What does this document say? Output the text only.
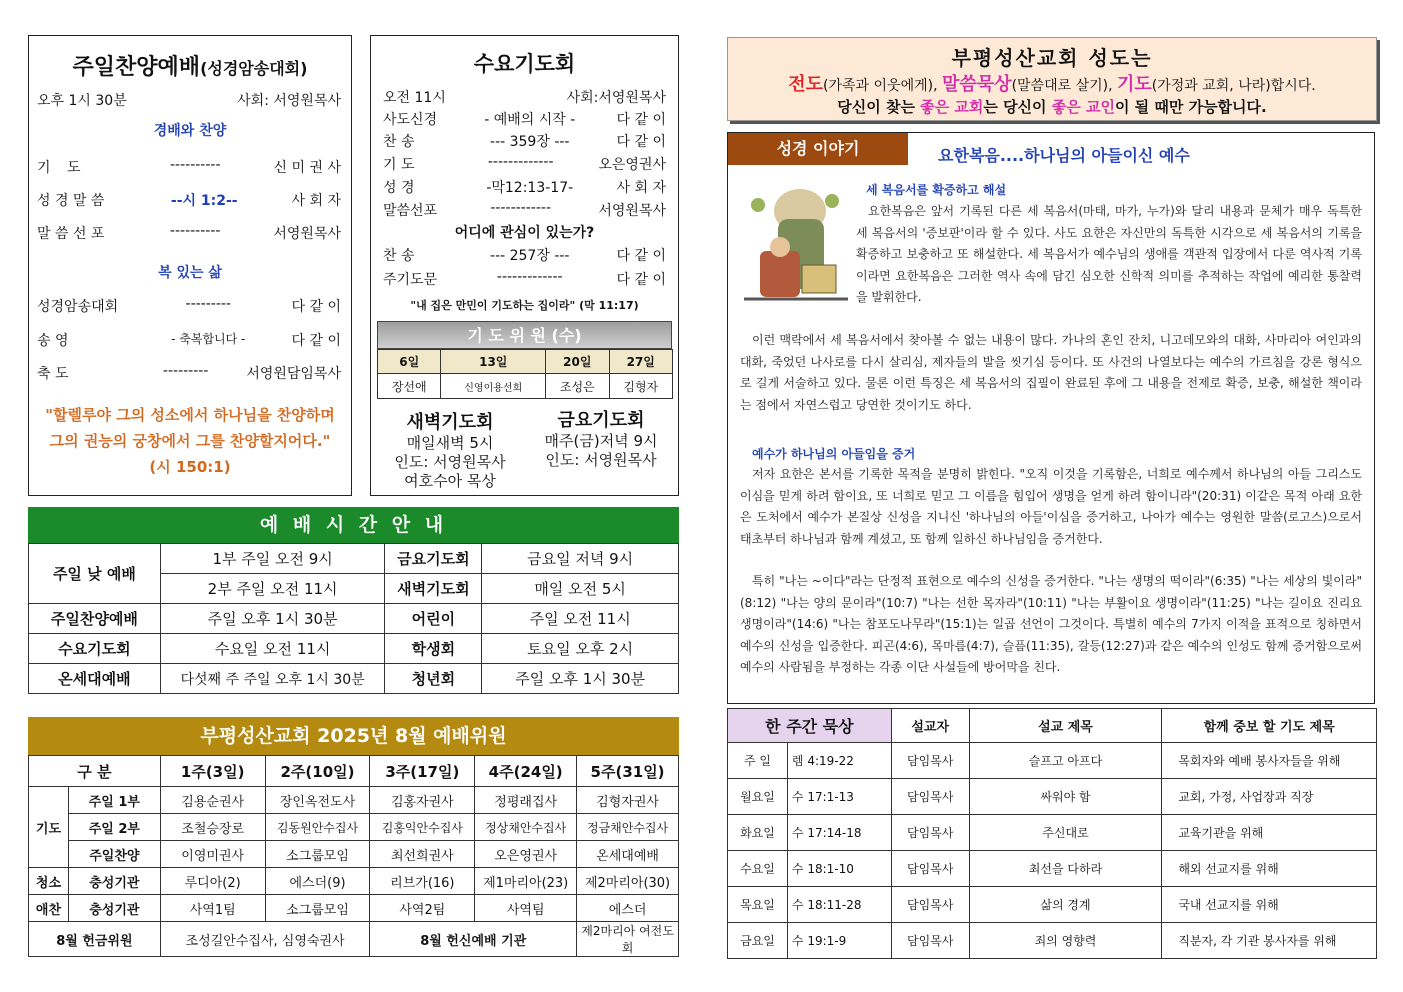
주일찬양예배(성경암송대회)
오후 1시 30분	사회: 서영원목사
경배와 찬양
기 도	----------	신 미 권 사
성 경 말 씀	--시 1:2--	사 회 자
말 씀 선 포	----------	서영원목사
복 있는 삶
성경암송대회	---------	다 같 이
송 영	- 축복합니다 -	다 같 이
축 도	---------	서영원담임목사
"할렐루야 그의 성소에서 하나님을 찬양하며 그의 권능의 궁창에서 그를 찬양할지어다." (시 150:1)
수요기도회
오전 11시	사회:서영원목사
사도신경	- 예배의 시작 -	다 같 이
찬 송	--- 359장 ---	다 같 이
기 도	-------------	오은영권사
성 경	-막12:13-17-	사 회 자
말씀선포	------------	서영원목사
어디에 관심이 있는가?
찬 송	--- 257장 ---	다 같 이
주기도문	-------------	다 같 이
"내 집은 만민이 기도하는 집이라" (막 11:17)
기 도 위 원 (수)
6일	13일	20일	27일
장선애	신영이용선희	조성은	김형자
새벽기도회
매일새벽 5시
인도: 서영원목사
여호수아 목상
금요기도회
매주(금)저녁 9시
인도: 서영원목사
예 배 시 간 안 내
주일 낮 예배	1부 주일 오전 9시	금요기도회	금요일 저녁 9시
	2부 주일 오전 11시	새벽기도회	매일 오전 5시
주일찬양예배	주일 오후 1시 30분	어린이	주일 오전 11시
수요기도회	수요일 오전 11시	학생회	토요일 오후 2시
온세대예배	다섯째 주 주일 오후 1시 30분	청년회	주일 오후 1시 30분
부평성산교회 2025년 8월 예배위원
구 분		1주(3일)	2주(10일)	3주(17일)	4주(24일)	5주(31일)
기도	주일 1부	김용순권사	장인옥전도사	김홍자권사	정평래집사	김형자권사
	주일 2부	조철승장로	김동원안수집사	김홍익안수집사	정상채안수집사	정금채안수집사
	주일찬양	이영미권사	소그룹모임	최선희권사	오은영권사	온세대예배
청소	충성기관	루디아(2)	에스더(9)	리브가(16)	제1마리아(23)	제2마리아(30)
애찬	충성기관	사역1팀	소그룹모임	사역2팀	사역팀	에스더
8월 헌금위원		조성길안수집사, 심영숙권사		8월 헌신예배 기관		제2마리아 여전도회
부평성산교회 성도는
전도(가족과 이웃에게), 말씀묵상(말씀대로 살기), 기도(가정과 교회, 나라)합시다.
당신이 찾는 좋은 교회는 당신이 좋은 교인이 될 때만 가능합니다.
성경 이야기	요한복음....하나님의 아들이신 예수
세 복음서를 확증하고 해설
요한복음은 앞서 기록된 다른 세 복음서(마태, 마가, 누가)와 달리 내용과 문체가 매우 독특한 세 복음서의 '증보판'이라 할 수 있다. 사도 요한은 자신만의 독특한 시각으로 세 복음서의 기록을 확증하고 보충하고 또 해설한다. 세 복음서가 예수님의 생애를 객관적 입장에서 다룬 역사적 기록이라면 요한복음은 그러한 역사 속에 담긴 심오한 신학적 의미를 추적하는 작업에 예리한 통찰력을 발휘한다.
이런 맥락에서 세 복음서에서 찾아볼 수 없는 내용이 많다. 가나의 혼인 잔치, 니고데모와의 대화, 사마리아 여인과의 대화, 죽었던 나사로를 다시 살리심, 제자들의 발을 씻기심 등이다. 또 사건의 나열보다는 예수의 가르침을 강론 형식으로 길게 서술하고 있다. 물론 이런 특징은 세 복음서의 집필이 완료된 후에 그 내용을 전제로 확증, 보충, 해설한 책이라는 점에서 자연스럽고 당연한 것이기도 하다.
예수가 하나님의 아들임을 증거
저자 요한은 본서를 기록한 목적을 분명히 밝힌다. "오직 이것을 기록함은, 너희로 예수께서 하나님의 아들 그리스도이심을 믿게 하려 함이요, 또 너희로 믿고 그 이름을 힘입어 생명을 얻게 하려 함이니라"(20:31) 이같은 목적 아래 요한은 도처에서 예수가 본질상 신성을 지니신 '하나님의 아들'이심을 증거하고, 나아가 예수는 영원한 말씀(로고스)으로서 태초부터 하나님과 함께 계셨고, 또 함께 일하신 하나님임을 증거한다.
특히 "나는 ~이다"라는 단정적 표현으로 예수의 신성을 증거한다. "나는 생명의 떡이라"(6:35) "나는 세상의 빛이라"(8:12) "나는 양의 문이라"(10:7) "나는 선한 목자라"(10:11) "나는 부활이요 생명이라"(11:25) "나는 길이요 진리요 생명이라"(14:6) "나는 참포도나무라"(15:1)는 일곱 선언이 그것이다. 특별히 예수의 7가지 이적을 표적으로 칭하면서 예수의 신성을 입증한다. 피곤(4:6), 목마름(4:7), 슬픔(11:35), 갈등(12:27)과 같은 예수의 인성도 함께 증거함으로써 예수의 사람됨을 부정하는 각종 이단 사설들에 방어막을 친다.
한 주간 묵상		설교자	설교 제목	함께 중보 할 기도 제목
주 일	렘 4:19-22	담임목사	슬프고 아프다	목회자와 예배 봉사자들을 위해
월요일	수 17:1-13	담임목사	싸워야 함	교회, 가정, 사업장과 직장
화요일	수 17:14-18	담임목사	주신대로	교육기관을 위해
수요일	수 18:1-10	담임목사	최선을 다하라	해외 선교지를 위해
목요일	수 18:11-28	담임목사	삶의 경계	국내 선교지를 위해
금요일	수 19:1-9	담임목사	죄의 영향력	직분자, 각 기관 봉사자를 위해
